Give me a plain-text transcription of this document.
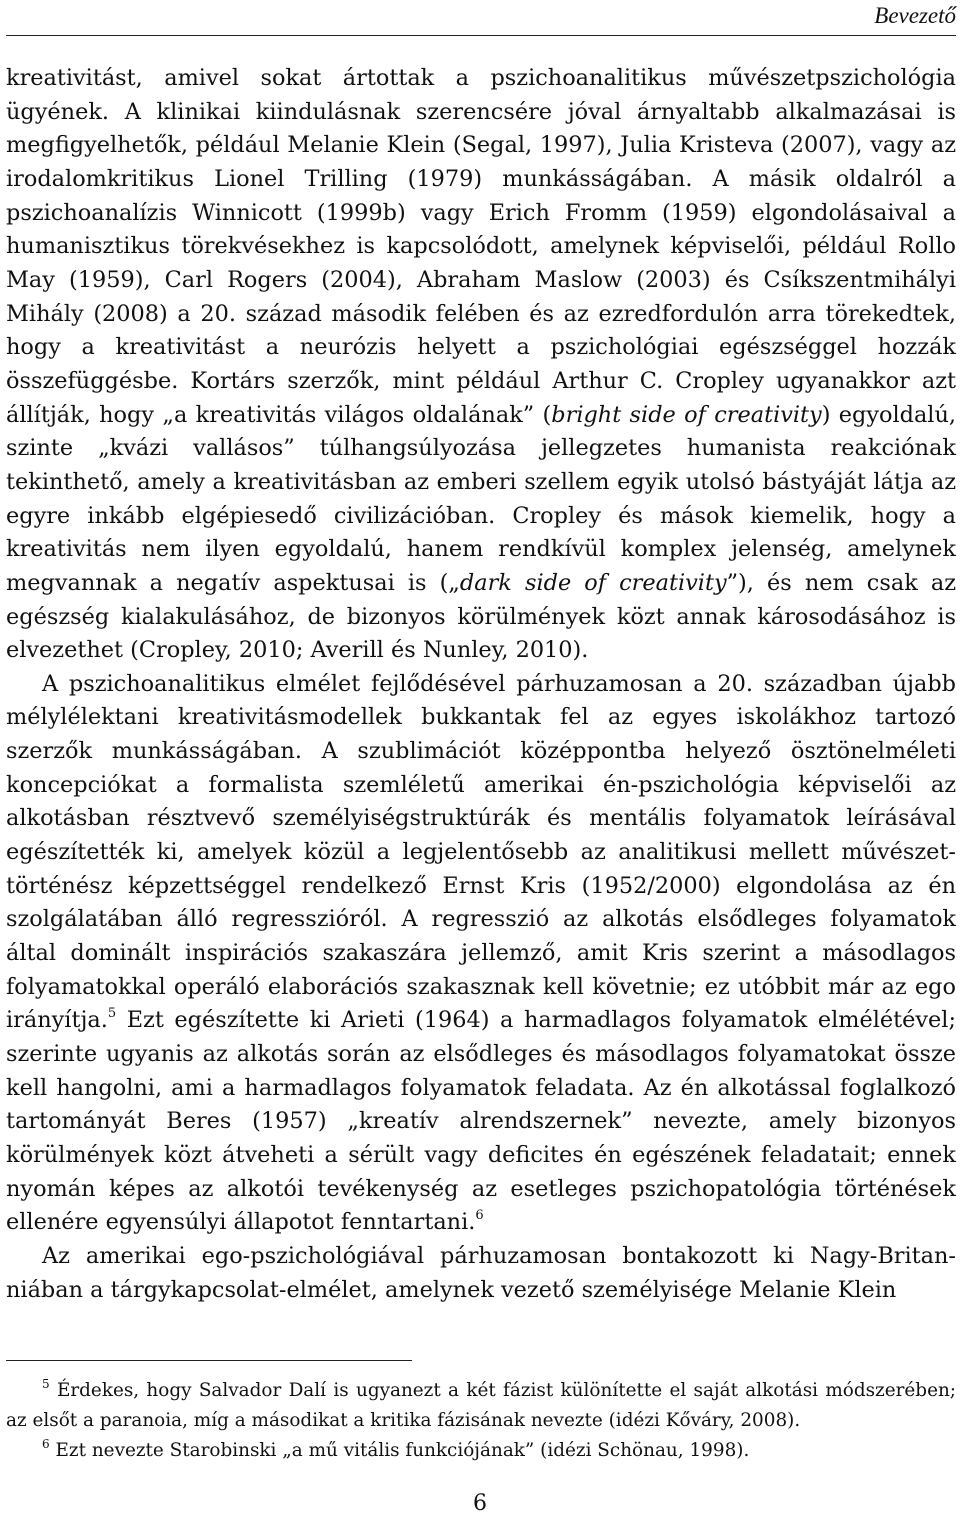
Bevezető

kreativitást, amivel sokat ártottak a pszichoanalitikus művészetpszichológia ügyének. A klinikai kiindulásnak szerencsére jóval árnyaltabb alkalmazásai is megfigyelhetők, például Melanie Klein (Segal, 1997), Julia Kristeva (2007), vagy az irodalomkritikus Lionel Trilling (1979) munkásságában. A másik oldalról a pszichoanalízis Winnicott (1999b) vagy Erich Fromm (1959) elgondolásaival a humanisztikus törekvésekhez is kapcsolódott, amelynek képviselői, például Rollo May (1959), Carl Rogers (2004), Abraham Maslow (2003) és Csíkszentmihályi Mihály (2008) a 20. század második felében és az ezredfordulón arra törekedtek, hogy a kreativitást a neurózis helyett a pszichológiai egészséggel hozzák összefüggésbe. Kortárs szerzők, mint például Arthur C. Cropley ugyanakkor azt állítják, hogy „a kreativitás világos oldalának” (bright side of creativity) egyoldalú, szinte „kvázi vallásos” túlhangsúlyozása jellegzetes humanista reakciónak tekinthető, amely a kreativitásban az emberi szellem egyik utolsó bástyáját látja az egyre inkább elgépiesedő civilizációban. Cropley és mások kiemelik, hogy a kreativitás nem ilyen egyoldalú, hanem rendkívül komplex jelenség, amelynek megvannak a negatív aspektusai is („dark side of creativity”), és nem csak az egészség kialakulásához, de bizonyos körülmények közt annak károsodásához is elvezethet (Cropley, 2010; Averill és Nunley, 2010).

A pszichoanalitikus elmélet fejlődésével párhuzamosan a 20. században újabb mélylélektani kreativitásmodellek bukkantak fel az egyes iskolákhoz tartozó szerzők munkásságában. A szublimációt középpontba helyező ösztönelméleti koncepciókat a formalista szemléletű amerikai én-pszichológia képviselői az alkotásban résztvevő személyiségstruktúrák és mentális folyamatok leírásával egészítették ki, amelyek közül a legjelentősebb az analitikusi mellett művészettörténész képzettséggel rendelkező Ernst Kris (1952/2000) elgondolása az én szolgálatában álló regresszióról. A regresszió az alkotás elsődleges folyamatok által dominált inspirációs szakaszára jellemző, amit Kris szerint a másodlagos folyamatokkal operáló elaborációs szakasznak kell követnie; ez utóbbit már az ego irányítja.$^5$ Ezt egészítette ki Arieti (1964) a harmadlagos folyamatok elmélétével; szerinte ugyanis az alkotás során az elsődleges és másodlagos folyamatokat össze kell hangolni, ami a harmadlagos folyamatok feladata. Az én alkotással foglalkozó tartományát Beres (1957) „kreatív alrendszernek” nevezte, amely bizonyos körülmények közt átveheti a sérült vagy deficites én egészének feladatait; ennek nyomán képes az alkotói tevékenység az esetleges pszichopatológia történések ellenére egyensúlyi állapotot fenntartani.$^6$

Az amerikai ego-pszichológiával párhuzamosan bontakozott ki Nagy-Britanniában a tárgykapcsolat-elmélet, amelynek vezető személyisége Melanie Klein

$^5$ Érdekes, hogy Salvador Dalí is ugyanezt a két fázist különítette el saját alkotási módszerében; az elsőt a paranoia, míg a másodikat a kritika fázisának nevezte (idézi Kőváry, 2008).

$^6$ Ezt nevezte Starobinski „a mű vitális funkciójának” (idézi Schönau, 1998).

6
